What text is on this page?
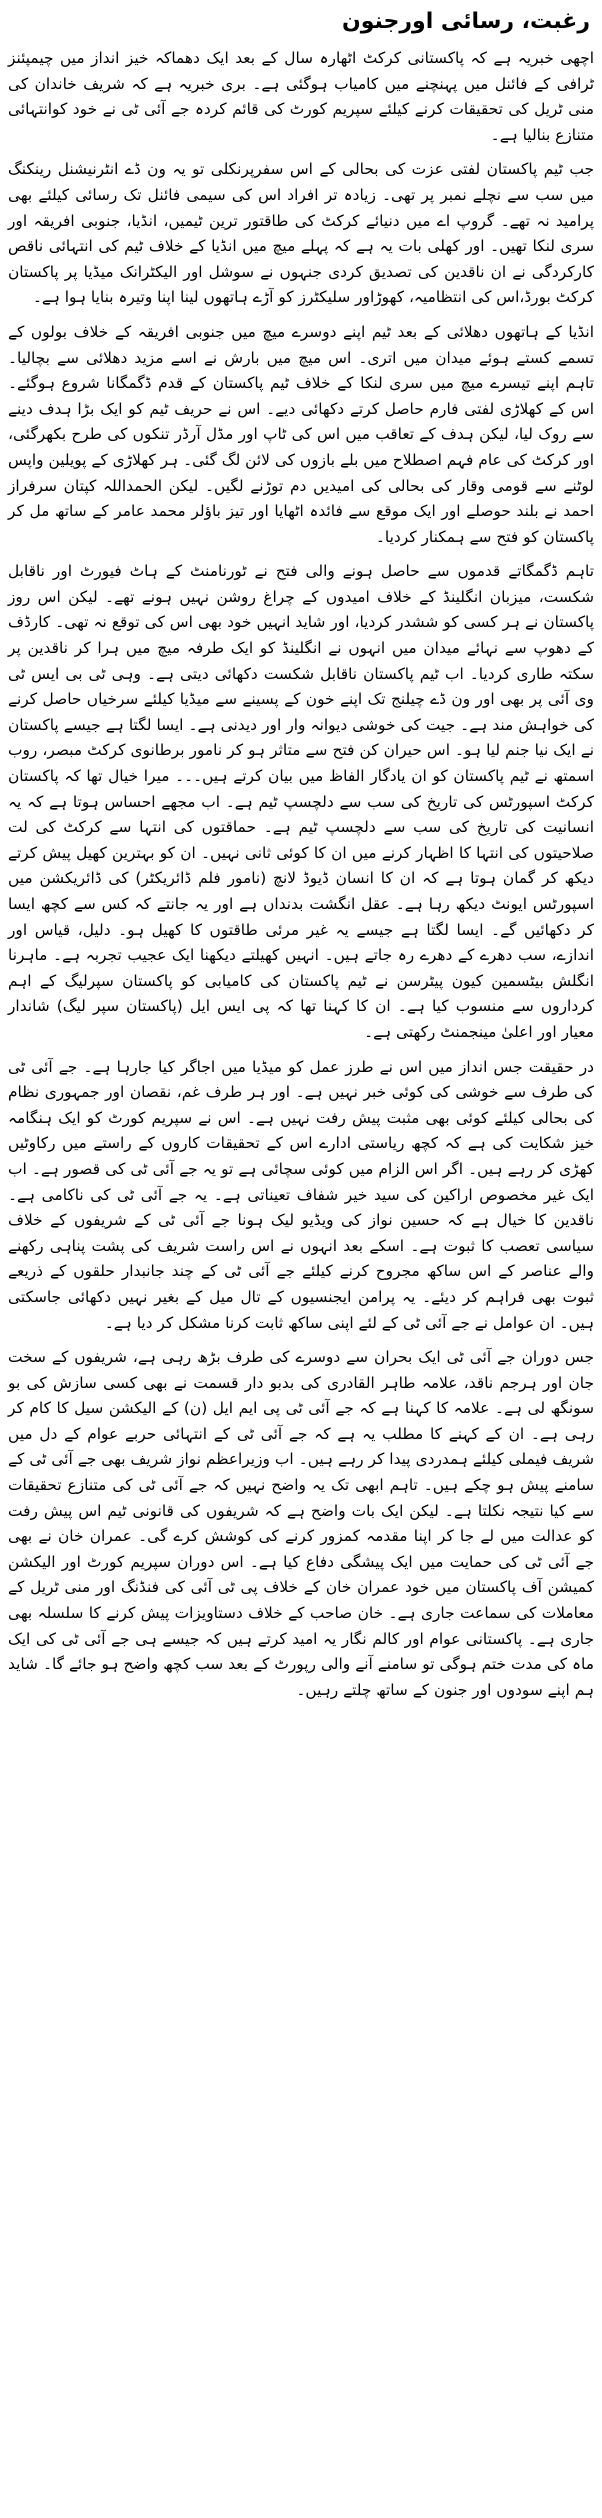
رغبت، رسائی اورجنون

اچھی خبریہ ہے کہ پاکستانی کرکٹ اٹھارہ سال کے بعد ایک دھماکہ خیز انداز میں چیمپئنز ٹرافی کے فائنل میں پہنچنے میں کامیاب ہوگئی ہے۔ بری خبریہ ہے کہ شریف خاندان کی منی ٹریل کی تحقیقات کرنے کیلئے سپریم کورٹ کی قائم کردہ جے آئی ٹی نے خود کوانتہائی متنازع بنالیا ہے۔

جب ٹیم پاکستان لفتی عزت کی بحالی کے اس سفرپرنکلی تو یہ ون ڈے انٹرنیشنل رینکنگ میں سب سے نچلے نمبر پر تھی۔ زیادہ تر افراد اس کی سیمی فائنل تک رسائی کیلئے بھی پرامید نہ تھے۔ گروپ اے میں دنیائے کرکٹ کی طاقتور ترین ٹیمیں، انڈیا، جنوبی افریقہ اور سری لنکا تھیں۔ اور کھلی بات یہ ہے کہ پہلے میچ میں انڈیا کے خلاف ٹیم کی انتہائی ناقص کارکردگی نے ان ناقدین کی تصدیق کردی جنہوں نے سوشل اور الیکٹرانک میڈیا پر پاکستان کرکٹ بورڈ،اس کی انتظامیہ، کھوڑاور سلیکٹرز کو آڑے ہاتھوں لینا اپنا وتیرہ بنایا ہوا ہے۔

انڈیا کے ہاتھوں دھلائی کے بعد ٹیم اپنے دوسرے میچ میں جنوبی افریقہ کے خلاف بولوں کے تسمے کستے ہوئے میدان میں اتری۔ اس میچ میں بارش نے اسے مزید دھلائی سے بچالیا۔ تاہم اپنے تیسرے میچ میں سری لنکا کے خلاف ٹیم پاکستان کے قدم ڈگمگانا شروع ہوگئے۔ اس کے کھلاڑی لفتی فارم حاصل کرتے دکھائی دیے۔ اس نے حریف ٹیم کو ایک بڑا ہدف دینے سے روک لیا، لیکن ہدف کے تعاقب میں اس کی ٹاپ اور مڈل آرڈر تنکوں کی طرح بکھرگئی، اور کرکٹ کی عام فہم اصطلاح میں بلے بازوں کی لائن لگ گئی۔ ہر کھلاڑی کے پویلین واپس لوٹنے سے قومی وقار کی بحالی کی امیدیں دم توڑنے لگیں۔ لیکن الحمداللہ کپتان سرفراز احمد نے بلند حوصلے اور ایک موقع سے فائدہ اٹھایا اور تیز باؤلر محمد عامر کے ساتھ مل کر پاکستان کو فتح سے ہمکنار کردیا۔

تاہم ڈگمگاتے قدموں سے حاصل ہونے والی فتح نے ٹورنامنٹ کے ہاٹ فیورٹ اور ناقابل شکست، میزبان انگلینڈ کے خلاف امیدوں کے چراغ روشن نہیں ہونے تھے۔ لیکن اس روز پاکستان نے ہر کسی کو ششدر کردیا، اور شاید انہیں خود بھی اس کی توقع نہ تھی۔ کارڈف کے دھوپ سے نہائے میدان میں انہوں نے انگلینڈ کو ایک طرفہ میچ میں ہرا کر ناقدین پر سکتہ طاری کردیا۔ اب ٹیم پاکستان ناقابل شکست دکھائی دیتی ہے۔ وہی ٹی بی ایس ٹی وی آئی پر بھی اور ون ڈے چیلنج تک اپنے خون کے پسینے سے میڈیا کیلئے سرخیاں حاصل کرنے کی خواہش مند ہے۔ جیت کی خوشی دیوانہ وار اور دیدنی ہے۔ ایسا لگتا ہے جیسے پاکستان نے ایک نیا جنم لیا ہو۔ اس حیران کن فتح سے متاثر ہو کر نامور برطانوی کرکٹ مبصر، روب اسمتھ نے ٹیم پاکستان کو ان یادگار الفاظ میں بیان کرتے ہیں۔۔۔ میرا خیال تھا کہ پاکستان کرکٹ اسپورٹس کی تاریخ کی سب سے دلچسپ ٹیم ہے۔ اب مجھے احساس ہوتا ہے کہ یہ انسانیت کی تاریخ کی سب سے دلچسپ ٹیم ہے۔ حماقتوں کی انتہا سے کرکٹ کی لت صلاحیتوں کی انتہا کا اظہار کرنے میں ان کا کوئی ثانی نہیں۔ ان کو بہترین کھیل پیش کرتے دیکھ کر گمان ہوتا ہے کہ ان کا انسان ڈیوڈ لانچ (نامور فلم ڈائریکٹر) کی ڈائریکشن میں اسپورٹس ایونٹ دیکھ رہا ہے۔ عقل انگشت بدنداں ہے اور یہ جانتے کہ کس سے کچھ ایسا کر دکھائیں گے۔ ایسا لگتا ہے جیسے یہ غیر مرئی طاقتوں کا کھیل ہو۔ دلیل، قیاس اور اندازے، سب دھرے کے دھرے رہ جاتے ہیں۔ انہیں کھیلتے دیکھنا ایک عجیب تجربہ ہے۔ ماہرنا انگلش بیٹسمین کیون پیٹرسن نے ٹیم پاکستان کی کامیابی کو پاکستان سپرلیگ کے اہم کرداروں سے منسوب کیا ہے۔ ان کا کہنا تھا کہ پی ایس ایل (پاکستان سپر لیگ) شاندار معیار اور اعلیٰ مینجمنٹ رکھتی ہے۔

در حقیقت جس انداز میں اس نے طرز عمل کو میڈیا میں اجاگر کیا جارہا ہے۔ جے آئی ٹی کی طرف سے خوشی کی کوئی خبر نہیں ہے۔ اور ہر طرف غم، نقصان اور جمہوری نظام کی بحالی کیلئے کوئی بھی مثبت پیش رفت نہیں ہے۔ اس نے سپریم کورٹ کو ایک ہنگامہ خیز شکایت کی ہے کہ کچھ ریاستی ادارے اس کے تحقیقات کاروں کے راستے میں رکاوٹیں کھڑی کر رہے ہیں۔ اگر اس الزام میں کوئی سچائی ہے تو یہ جے آئی ٹی کی قصور ہے۔ اب ایک غیر مخصوص اراکین کی سید خیر شفاف تعیناتی ہے۔ یہ جے آئی ٹی کی ناکامی ہے۔ ناقدین کا خیال ہے کہ حسین نواز کی ویڈیو لیک ہونا جے آئی ٹی کے شریفوں کے خلاف سیاسی تعصب کا ثبوت ہے۔ اسکے بعد انہوں نے اس راست شریف کی پشت پناہی رکھنے والے عناصر کے اس ساکھ مجروح کرنے کیلئے جے آئی ٹی کے چند جانبدار حلقوں کے ذریعے ثبوت بھی فراہم کر دیئے۔ یہ پرامن ایجنسیوں کے تال میل کے بغیر نہیں دکھائی جاسکتی ہیں۔ ان عوامل نے جے آئی ٹی کے لئے اپنی ساکھ ثابت کرنا مشکل کر دیا ہے۔

جس دوران جے آئی ٹی ایک بحران سے دوسرے کی طرف بڑھ رہی ہے، شریفوں کے سخت جان اور ہرجم ناقد، علامہ طاہر القادری کی بدبو دار قسمت نے بھی کسی سازش کی بو سونگھ لی ہے۔ علامہ کا کہنا ہے کہ جے آئی ٹی پی ایم ایل (ن) کے الیکشن سیل کا کام کر رہی ہے۔ ان کے کہنے کا مطلب یہ ہے کہ جے آئی ٹی کے انتہائی حربے عوام کے دل میں شریف فیملی کیلئے ہمدردی پیدا کر رہے ہیں۔ اب وزیراعظم نواز شریف بھی جے آئی ٹی کے سامنے پیش ہو چکے ہیں۔ تاہم ابھی تک یہ واضح نہیں کہ جے آئی ٹی کی متنازع تحقیقات سے کیا نتیجہ نکلتا ہے۔ لیکن ایک بات واضح ہے کہ شریفوں کی قانونی ٹیم اس پیش رفت کو عدالت میں لے جا کر اپنا مقدمہ کمزور کرنے کی کوشش کرے گی۔ عمران خان نے بھی جے آئی ٹی کی حمایت میں ایک پیشگی دفاع کیا ہے۔ اس دوران سپریم کورٹ اور الیکشن کمیشن آف پاکستان میں خود عمران خان کے خلاف پی ٹی آئی کی فنڈنگ اور منی ٹریل کے معاملات کی سماعت جاری ہے۔ خان صاحب کے خلاف دستاویزات پیش کرنے کا سلسلہ بھی جاری ہے۔ پاکستانی عوام اور کالم نگار یہ امید کرتے ہیں کہ جیسے ہی جے آئی ٹی کی ایک ماہ کی مدت ختم ہوگی تو سامنے آنے والی رپورٹ کے بعد سب کچھ واضح ہو جائے گا۔ شاید ہم اپنے سودوں اور جنون کے ساتھ چلتے رہیں۔
